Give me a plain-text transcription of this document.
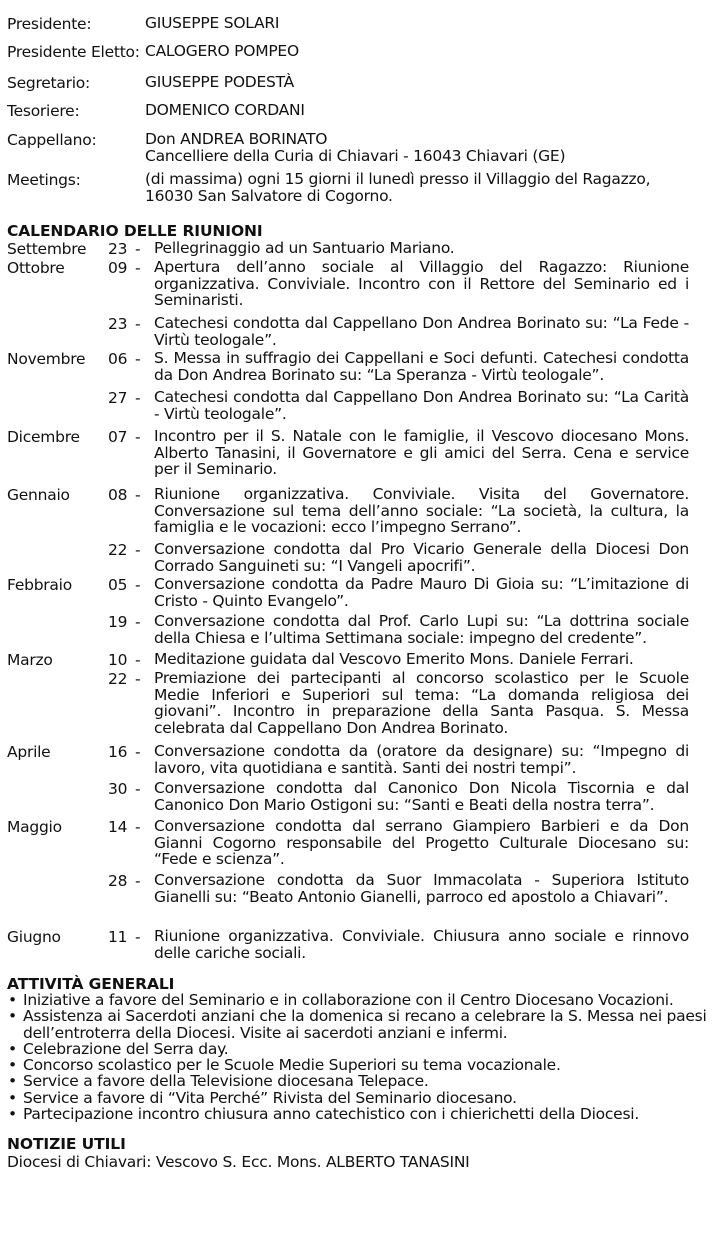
Presidente:	GIUSEPPE SOLARI
Presidente Eletto: CALOGERO POMPEO
Segretario:	GIUSEPPE PODESTÀ
Tesoriere:	DOMENICO CORDANI
Cappellano:	Don ANDREA BORINATO
Cancelliere della Curia di Chiavari - 16043 Chiavari (GE)
Meetings:	(di massima) ogni 15 giorni il lunedì presso il Villaggio del Ragazzo,
16030 San Salvatore di Cogorno.
CALENDARIO DELLE RIUNIONI
Settembre 23 - Pellegrinaggio ad un Santuario Mariano.
Ottobre	09 - Apertura dell’anno sociale al Villaggio del Ragazzo: Riunione organizzativa. Conviviale. Incontro con il Rettore del Seminario ed i Seminaristi.
23 - Catechesi condotta dal Cappellano Don Andrea Borinato su: “La Fede - Virtù teologale”.
Novembre 06 - S. Messa in suffragio dei Cappellani e Soci defunti. Catechesi condotta da Don Andrea Borinato su: “La Speranza - Virtù teologale”.
27 - Catechesi condotta dal Cappellano Don Andrea Borinato su: “La Carità - Virtù teologale”.
Dicembre 07 - Incontro per il S. Natale con le famiglie, il Vescovo diocesano Mons. Alberto Tanasini, il Governatore e gli amici del Serra. Cena e service per il Seminario.
Gennaio 08 - Riunione organizzativa. Conviviale. Visita del Governatore. Conversazione sul tema dell’anno sociale: “La società, la cultura, la famiglia e le vocazioni: ecco l’impegno Serrano”.
22 - Conversazione condotta dal Pro Vicario Generale della Diocesi Don Corrado Sanguineti su: “I Vangeli apocrifi”.
Febbraio 05 - Conversazione condotta da Padre Mauro Di Gioia su: “L’imitazione di Cristo - Quinto Evangelo”.
19 - Conversazione condotta dal Prof. Carlo Lupi su: “La dottrina sociale della Chiesa e l’ultima Settimana sociale: impegno del credente”.
Marzo	10 - Meditazione guidata dal Vescovo Emerito Mons. Daniele Ferrari.
22 - Premiazione dei partecipanti al concorso scolastico per le Scuole Medie Inferiori e Superiori sul tema: “La domanda religiosa dei giovani”. Incontro in preparazione della Santa Pasqua. S. Messa celebrata dal Cappellano Don Andrea Borinato.
Aprile	16 - Conversazione condotta da (oratore da designare) su: “Impegno di lavoro, vita quotidiana e santità. Santi dei nostri tempi”.
30 - Conversazione condotta dal Canonico Don Nicola Tiscornia e dal Canonico Don Mario Ostigoni su: “Santi e Beati della nostra terra”.
Maggio	14 - Conversazione condotta dal serrano Giampiero Barbieri e da Don Gianni Cogorno responsabile del Progetto Culturale Diocesano su: “Fede e scienza”.
28 - Conversazione condotta da Suor Immacolata - Superiora Istituto Gianelli su: “Beato Antonio Gianelli, parroco ed apostolo a Chiavari”.
Giugno	11 - Riunione organizzativa. Conviviale. Chiusura anno sociale e rinnovo delle cariche sociali.
ATTIVITÀ GENERALI
• Iniziative a favore del Seminario e in collaborazione con il Centro Diocesano Vocazioni.
• Assistenza ai Sacerdoti anziani che la domenica si recano a celebrare la S. Messa nei paesi dell’entroterra della Diocesi. Visite ai sacerdoti anziani e infermi.
• Celebrazione del Serra day.
• Concorso scolastico per le Scuole Medie Superiori su tema vocazionale.
• Service a favore della Televisione diocesana Telepace.
• Service a favore di “Vita Perché” Rivista del Seminario diocesano.
• Partecipazione incontro chiusura anno catechistico con i chierichetti della Diocesi.
NOTIZIE UTILI
Diocesi di Chiavari: Vescovo S. Ecc. Mons. ALBERTO TANASINI
